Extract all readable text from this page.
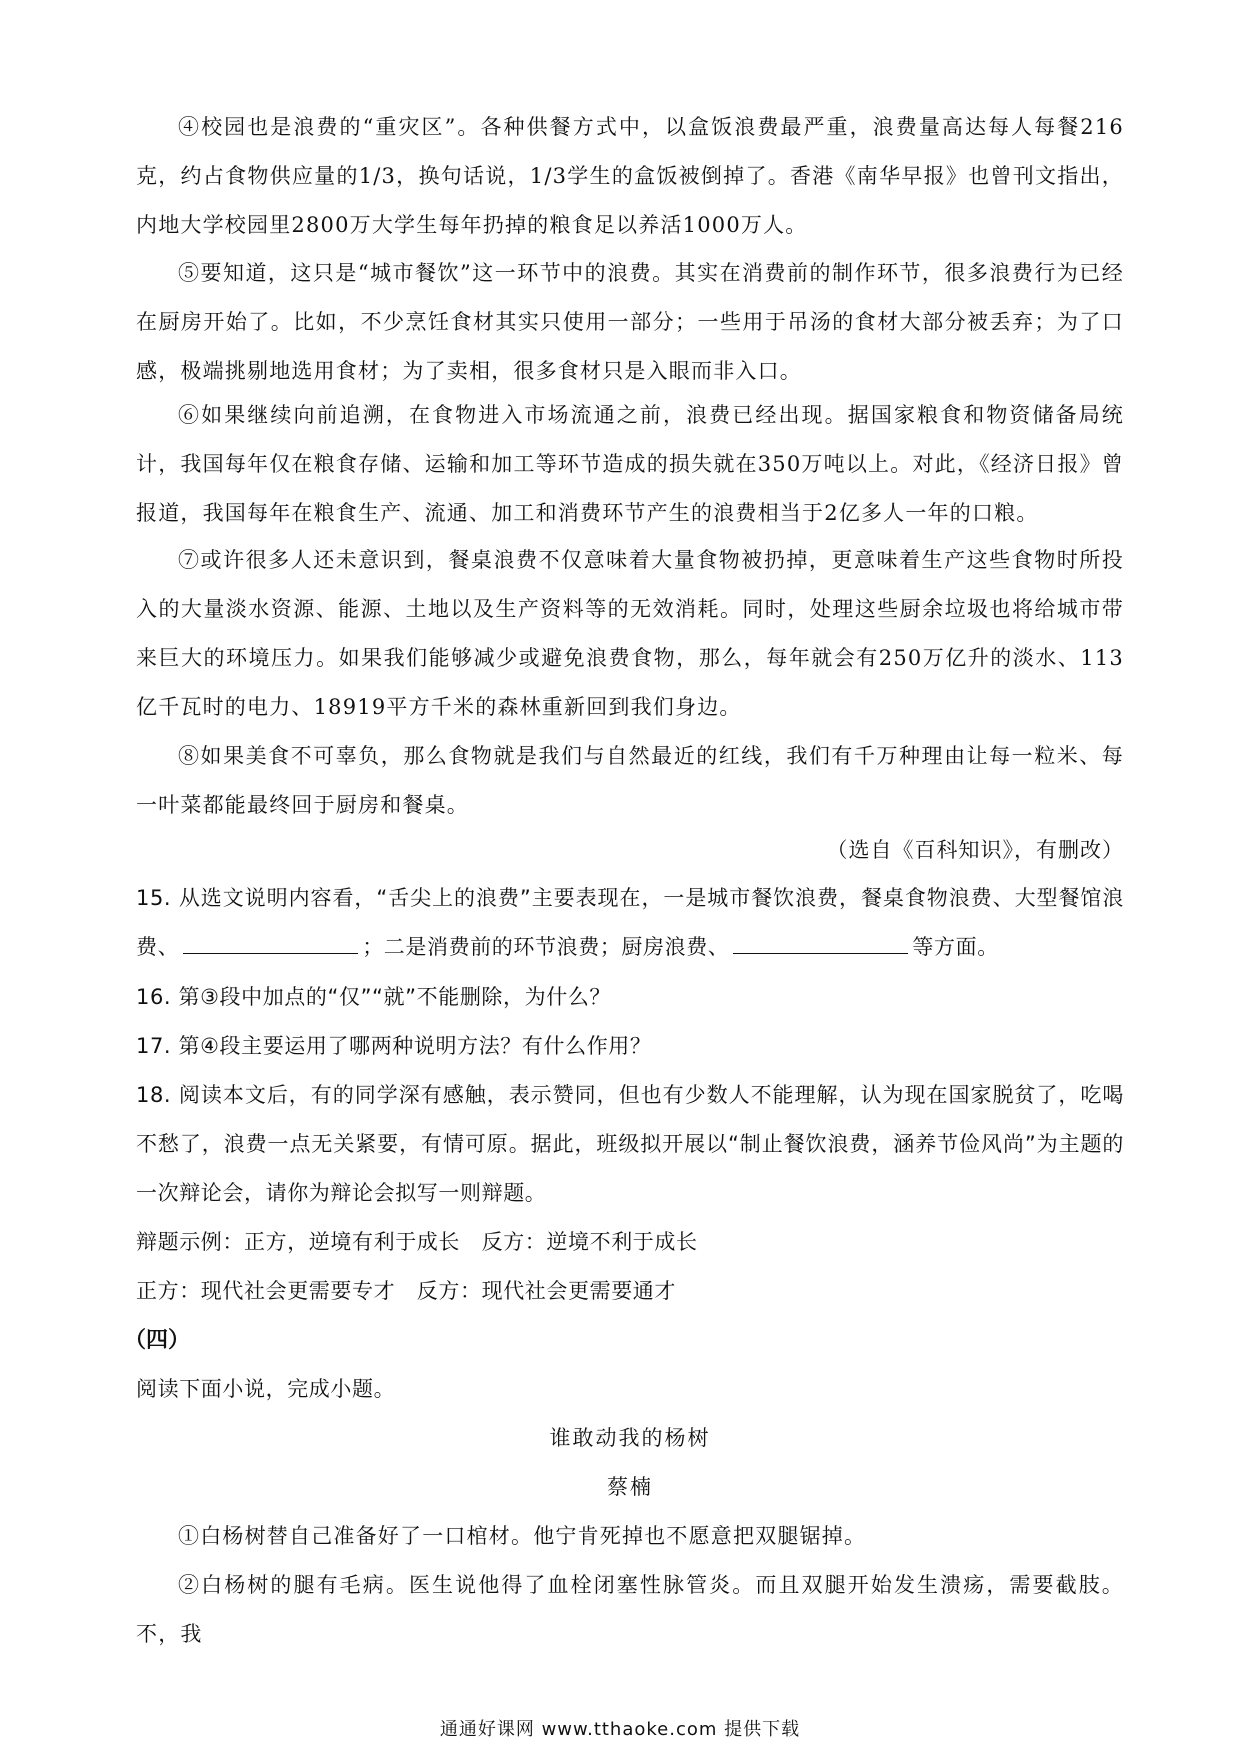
④校园也是浪费的“重灾区”。各种供餐方式中，以盒饭浪费最严重，浪费量高达每人每餐216克，约占食物供应量的1/3，换句话说，1/3学生的盒饭被倒掉了。香港《南华早报》也曾刊文指出，内地大学校园里2800万大学生每年扔掉的粮食足以养活1000万人。
⑤要知道，这只是“城市餐饮”这一环节中的浪费。其实在消费前的制作环节，很多浪费行为已经在厨房开始了。比如，不少烹饪食材其实只使用一部分；一些用于吊汤的食材大部分被丢弃；为了口感，极端挑剔地选用食材；为了卖相，很多食材只是入眼而非入口。
⑥如果继续向前追溯，在食物进入市场流通之前，浪费已经出现。据国家粮食和物资储备局统计，我国每年仅在粮食存储、运输和加工等环节造成的损失就在350万吨以上。对此，《经济日报》曾报道，我国每年在粮食生产、流通、加工和消费环节产生的浪费相当于2亿多人一年的口粮。
⑦或许很多人还未意识到，餐桌浪费不仅意味着大量食物被扔掉，更意味着生产这些食物时所投入的大量淡水资源、能源、土地以及生产资料等的无效消耗。同时，处理这些厨余垃圾也将给城市带来巨大的环境压力。如果我们能够减少或避免浪费食物，那么，每年就会有250万亿升的淡水、113亿千瓦时的电力、18919平方千米的森林重新回到我们身边。
⑧如果美食不可辜负，那么食物就是我们与自然最近的红线，我们有千万种理由让每一粒米、每一叶菜都能最终回于厨房和餐桌。
（选自《百科知识》，有删改）
15. 从选文说明内容看，“舌尖上的浪费”主要表现在，一是城市餐饮浪费，餐桌食物浪费、大型餐馆浪费、	；二是消费前的环节浪费；厨房浪费、	等方面。
16. 第③段中加点的“仅”“就”不能删除，为什么？
17. 第④段主要运用了哪两种说明方法？有什么作用？
18. 阅读本文后，有的同学深有感触，表示赞同，但也有少数人不能理解，认为现在国家脱贫了，吃喝不愁了，浪费一点无关紧要，有情可原。据此，班级拟开展以“制止餐饮浪费，涵养节俭风尚”为主题的一次辩论会，请你为辩论会拟写一则辩题。
辩题示例：正方，逆境有利于成长　反方：逆境不利于成长
正方：现代社会更需要专才　反方：现代社会更需要通才
（四）
阅读下面小说，完成小题。
谁敢动我的杨树
蔡楠
①白杨树替自己准备好了一口棺材。他宁肯死掉也不愿意把双腿锯掉。
②白杨树的腿有毛病。医生说他得了血栓闭塞性脉管炎。而且双腿开始发生溃疡，需要截肢。不，我
通通好课网 www.tthaoke.com 提供下载
